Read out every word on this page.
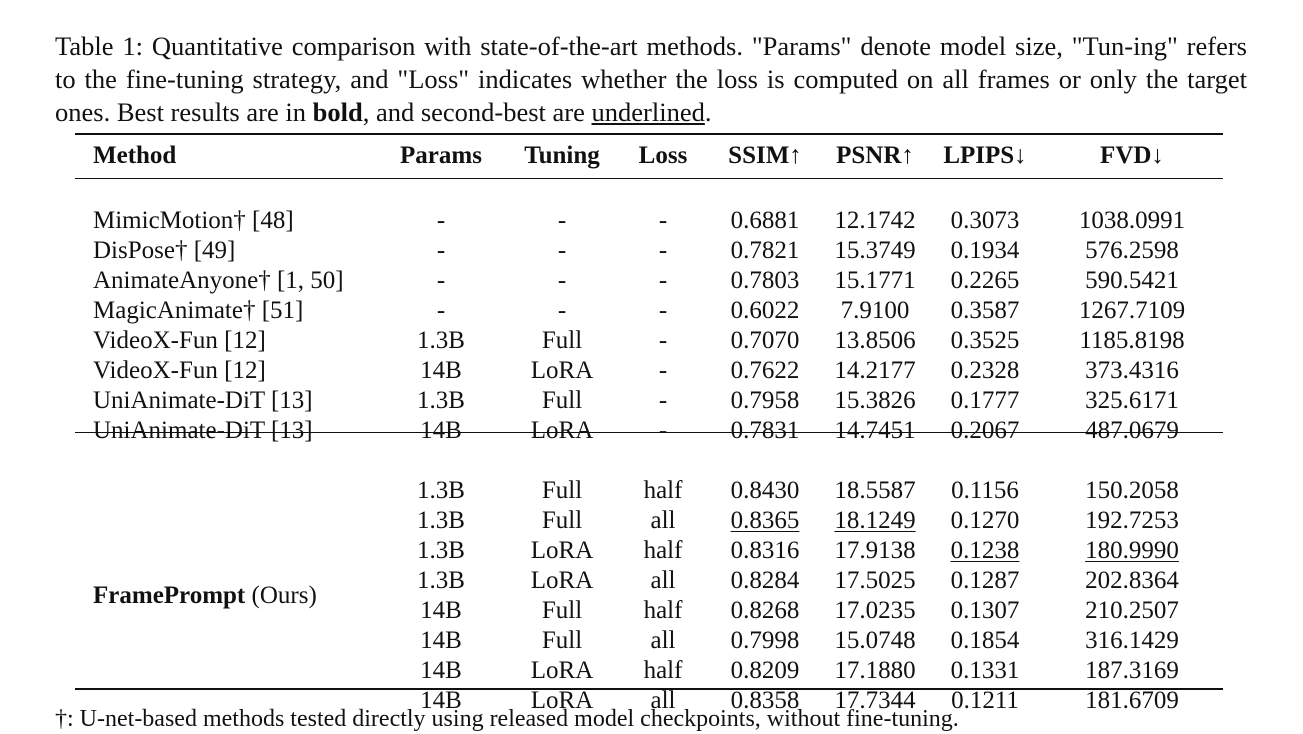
Table 1: Quantitative comparison with state-of-the-art methods. "Params" denote model size, "Tun-ing" refers to the fine-tuning strategy, and "Loss" indicates whether the loss is computed on all frames or only the target ones. Best results are in bold, and second-best are underlined.
Method	Params	Tuning	Loss	SSIM↑	PSNR↑	LPIPS↓	FVD↓

MimicMotion† [48]	-	-	-	0.6881	12.1742	0.3073	1038.0991
DisPose† [49]	-	-	-	0.7821	15.3749	0.1934	576.2598
AnimateAnyone† [1, 50]	-	-	-	0.7803	15.1771	0.2265	590.5421
MagicAnimate† [51]	-	-	-	0.6022	7.9100	0.3587	1267.7109
VideoX-Fun [12]	1.3B	Full	-	0.7070	13.8506	0.3525	1185.8198
VideoX-Fun [12]	14B	LoRA	-	0.7622	14.2177	0.2328	373.4316
UniAnimate-DiT [13]	1.3B	Full	-	0.7958	15.3826	0.1777	325.6171
UniAnimate-DiT [13]	14B	LoRA	-	0.7831	14.7451	0.2067	487.0679

FramePrompt (Ours)	1.3B	Full	half	0.8430	18.5587	0.1156	150.2058
	1.3B	Full	all	0.8365	18.1249	0.1270	192.7253
	1.3B	LoRA	half	0.8316	17.9138	0.1238	180.9990
	1.3B	LoRA	all	0.8284	17.5025	0.1287	202.8364
	14B	Full	half	0.8268	17.0235	0.1307	210.2507
	14B	Full	all	0.7998	15.0748	0.1854	316.1429
	14B	LoRA	half	0.8209	17.1880	0.1331	187.3169
	14B	LoRA	all	0.8358	17.7344	0.1211	181.6709
†: U-net-based methods tested directly using released model checkpoints, without fine-tuning.
